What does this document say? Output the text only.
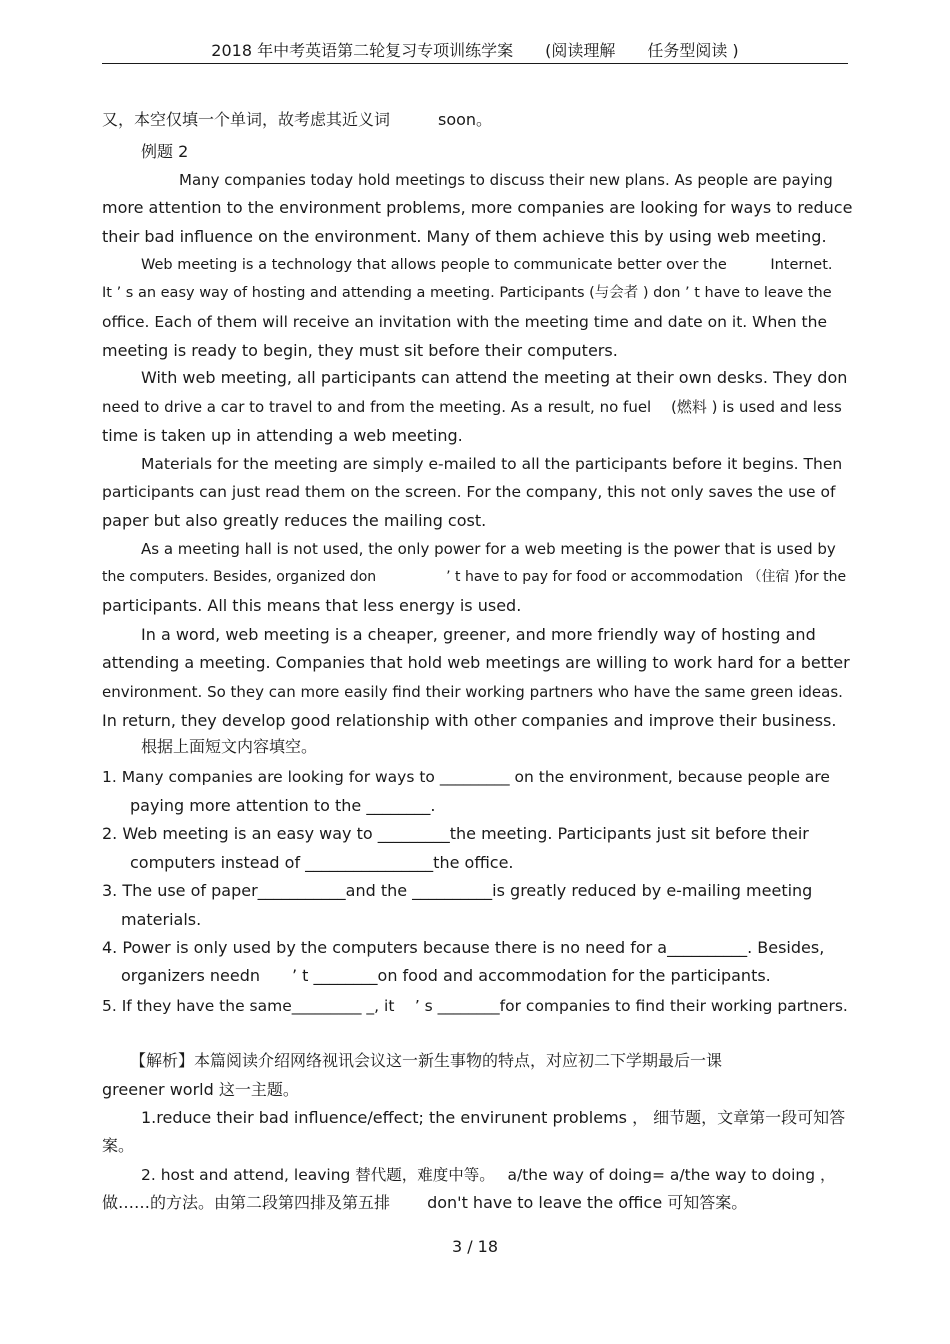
2018 年中考英语第二轮复习专项训练学案　　(阅读理解　　任务型阅读 )
又，本空仅填一个单词，故考虑其近义词　　　soon。
例题 2
Many companies today hold meetings to discuss their new plans. As people are paying
more attention to the environment problems, more companies are looking for ways to reduce
their bad influence on the environment. Many of them achieve this by using web meeting.
Web meeting is a technology that allows people to communicate better over the　　　Internet.
It ’ s an easy way of hosting and attending a meeting. Participants (与会者 ) don ’ t have to leave the
office. Each of them will receive an invitation with the meeting time and date on it. When the
meeting is ready to begin, they must sit before their computers.
With web meeting, all participants can attend the meeting at their own desks. They don
need to drive a car to travel to and from the meeting. As a result, no fuel 　(燃料 ) is used and less
time is taken up in attending a web meeting.
Materials for the meeting are simply e-mailed to all the participants before it begins. Then
participants can just read them on the screen. For the company, this not only saves the use of
paper but also greatly reduces the mailing cost.
As a meeting hall is not used, the only power for a web meeting is the power that is used by
the computers. Besides, organized don　　　　　’ t have to pay for food or accommodation （住宿 )for the
participants. All this means that less energy is used.
In a word, web meeting is a cheaper, greener, and more friendly way of hosting and
attending a meeting. Companies that hold web meetings are willing to work hard for a better
environment. So they can more easily find their working partners who have the same green ideas.
In return, they develop good relationship with other companies and improve their business.
根据上面短文内容填空。
1. Many companies are looking for ways to _________ on the environment, because people are
paying more attention to the ________.
2. Web meeting is an easy way to _________the meeting. Participants just sit before their
computers instead of ________________the office.
3. The use of paper___________and the __________is greatly reduced by e-mailing meeting
materials.
4. Power is only used by the computers because there is no need for a__________. Besides,
organizers needn　　’ t ________on food and accommodation for the participants.
5. If they have the same_________ _, it　 ’ s ________for companies to find their working partners.
【解析】本篇阅读介绍网络视讯会议这一新生事物的特点，对应初二下学期最后一课
greener world 这一主题。
1.reduce their bad influence/effect; the envirunent problems ， 细节题，文章第一段可知答
案。
2. host and attend, leaving 替代题，难度中等。　 a/the way of doing= a/the way to doing ，
做……的方法。由第二段第四排及第五排　　 don't have to leave the office 可知答案。
3 / 18
